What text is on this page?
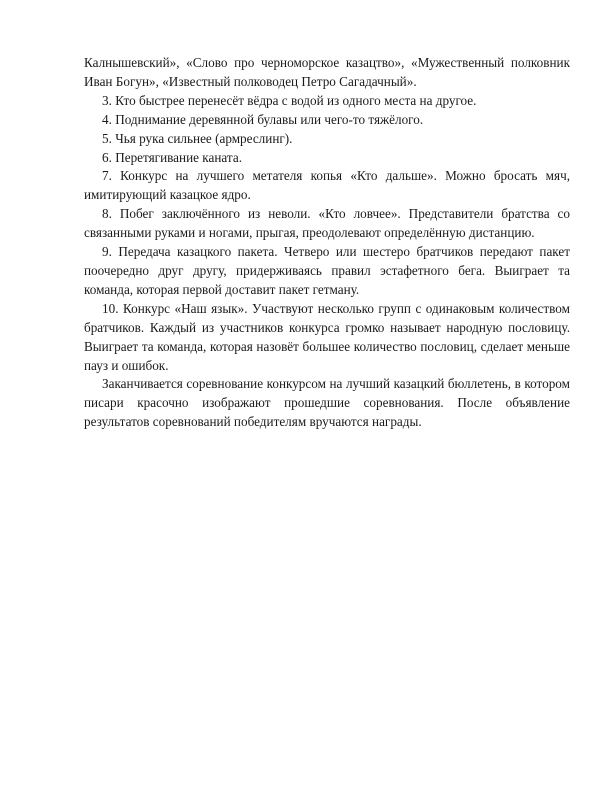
Калнышевский», «Слово про черноморское казацтво», «Мужественный полковник Иван Богун», «Известный полководец Петро Сагадачный».

3. Кто быстрее перенесёт вёдра с водой из одного места на другое.

4. Поднимание деревянной булавы или чего-то тяжёлого.

5. Чья рука сильнее (армреслинг).

6. Перетягивание каната.

7. Конкурс на лучшего метателя копья «Кто дальше». Можно бросать мяч, имитирующий казацкое ядро.

8. Побег заключённого из неволи. «Кто ловчее». Представители братства со связанными руками и ногами, прыгая, преодолевают определённую дистанцию.

9. Передача казацкого пакета. Четверо или шестеро братчиков передают пакет поочередно друг другу, придерживаясь правил эстафетного бега. Выиграет та команда, которая первой доставит пакет гетману.

10. Конкурс «Наш язык». Участвуют несколько групп с одинаковым количеством братчиков. Каждый из участников конкурса громко называет народную пословицу. Выиграет та команда, которая назовёт большее количество пословиц, сделает меньше пауз и ошибок.

Заканчивается соревнование конкурсом на лучший казацкий бюллетень, в котором писари красочно изображают прошедшие соревнования. После объявление результатов соревнований победителям вручаются награды.
